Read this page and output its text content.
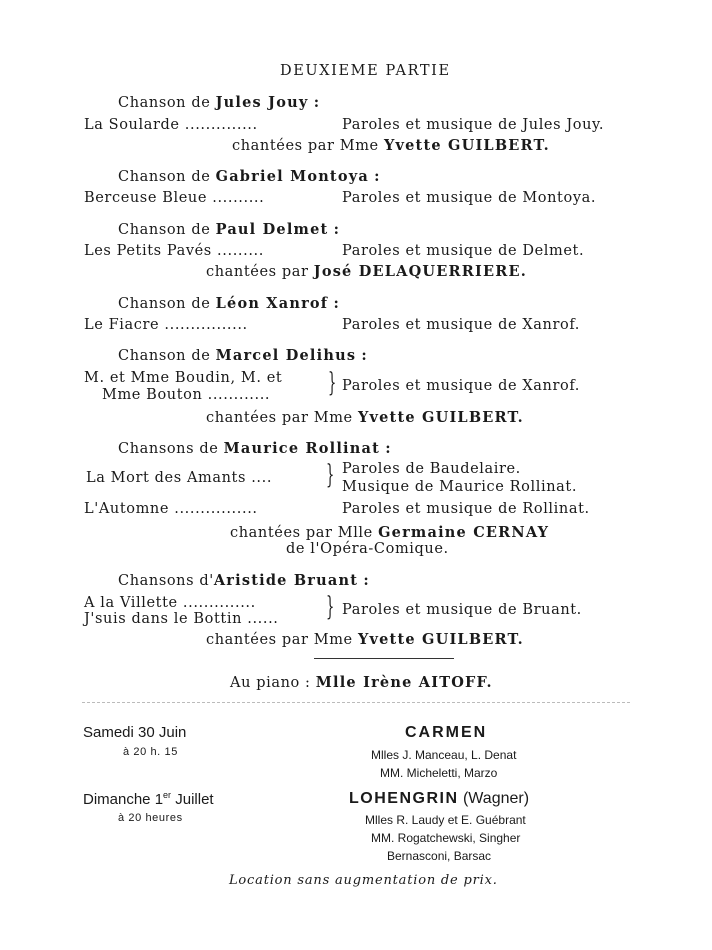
DEUXIEME PARTIE
Chanson de Jules Jouy :
La Soularde ..............	Paroles et musique de Jules Jouy.
chantées par Mme Yvette GUILBERT.
Chanson de Gabriel Montoya :
Berceuse Bleue ..........	Paroles et musique de Montoya.
Chanson de Paul Delmet :
Les Petits Pavés .........	Paroles et musique de Delmet.
chantées par José DELAQUERRIERE.
Chanson de Léon Xanrof :
Le Fiacre ................	Paroles et musique de Xanrof.
Chanson de Marcel Delihus :
M. et Mme Boudin, M. et
Mme Bouton ............ } Paroles et musique de Xanrof.
chantées par Mme Yvette GUILBERT.
Chansons de Maurice Rollinat :
La Mort des Amants .... } Paroles de Baudelaire.
Musique de Maurice Rollinat.
L'Automne ................	Paroles et musique de Rollinat.
chantées par Mlle Germaine CERNAY
de l'Opéra-Comique.
Chansons d'Aristide Bruant :
A la Villette ..............
J'suis dans le Bottin ...... } Paroles et musique de Bruant.
chantées par Mme Yvette GUILBERT.
Au piano : Mlle Irène AITOFF.
Samedi 30 Juin
à 20 h. 15
CARMEN
Mlles J. Manceau, L. Denat
MM. Micheletti, Marzo
Dimanche 1er Juillet
à 20 heures
LOHENGRIN (Wagner)
Mlles R. Laudy et E. Guébrant
MM. Rogatchewski, Singher
Bernasconi, Barsac
Location sans augmentation de prix.
